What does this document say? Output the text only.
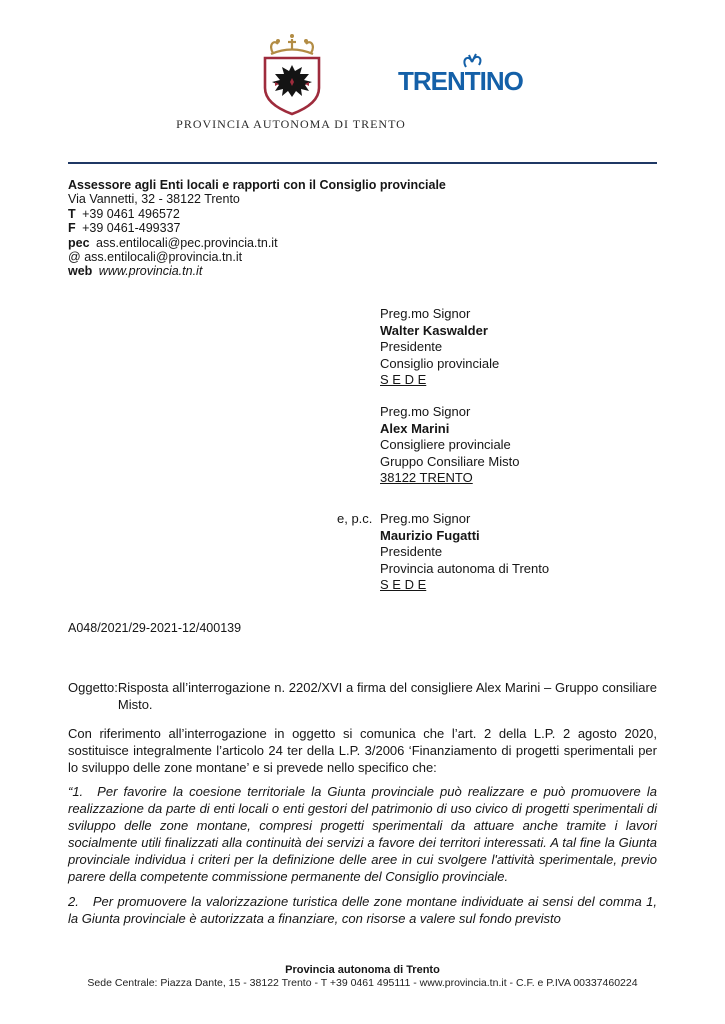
PROVINCIA AUTONOMA DI TRENTO
TRENTINO
Assessore agli Enti locali e rapporti con il Consiglio provinciale
Via Vannetti, 32 - 38122 Trento
T +39 0461 496572
F +39 0461-499337
pec ass.entilocali@pec.provincia.tn.it
@ ass.entilocali@provincia.tn.it
web www.provincia.tn.it
Preg.mo Signor
Walter Kaswalder
Presidente
Consiglio provinciale
S E D E
Preg.mo Signor
Alex Marini
Consigliere provinciale
Gruppo Consiliare Misto
38122 TRENTO
e, p.c. Preg.mo Signor
Maurizio Fugatti
Presidente
Provincia autonoma di Trento
S E D E
A048/2021/29-2021-12/400139
Oggetto: Risposta all’interrogazione n. 2202/XVI a firma del consigliere Alex Marini – Gruppo consiliare Misto.
Con riferimento all’interrogazione in oggetto si comunica che l’art. 2 della L.P. 2 agosto 2020, sostituisce integralmente l’articolo 24 ter della L.P. 3/2006 ‘Finanziamento di progetti sperimentali per lo sviluppo delle zone montane’ e si prevede nello specifico che:
“1. Per favorire la coesione territoriale la Giunta provinciale può realizzare e può promuovere la realizzazione da parte di enti locali o enti gestori del patrimonio di uso civico di progetti sperimentali di sviluppo delle zone montane, compresi progetti sperimentali da attuare anche tramite i lavori socialmente utili finalizzati alla continuità dei servizi a favore dei territori interessati. A tal fine la Giunta provinciale individua i criteri per la definizione delle aree in cui svolgere l'attività sperimentale, previo parere della competente commissione permanente del Consiglio provinciale.
2. Per promuovere la valorizzazione turistica delle zone montane individuate ai sensi del comma 1, la Giunta provinciale è autorizzata a finanziare, con risorse a valere sul fondo previsto
Provincia autonoma di Trento
Sede Centrale: Piazza Dante, 15 - 38122 Trento - T +39 0461 495111 - www.provincia.tn.it - C.F. e P.IVA 00337460224
